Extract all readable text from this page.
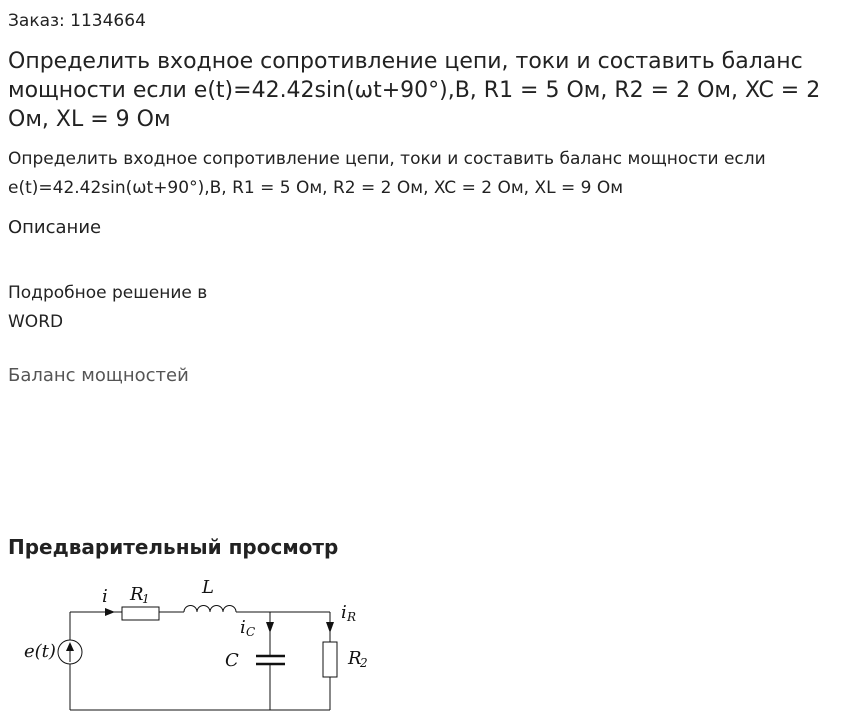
Заказ: 1134664
Определить входное сопротивление цепи, токи и составить баланс мощности если e(t)=42.42sin(ωt+90°),В, R1 = 5 Ом, R2 = 2 Ом, XC = 2 Ом, XL = 9 Ом
Определить входное сопротивление цепи, токи и составить баланс мощности если e(t)=42.42sin(ωt+90°),В, R1 = 5 Ом, R2 = 2 Ом, XC = 2 Ом, XL = 9 Ом
Описание
Подробное решение в WORD
Баланс мощностей
Предварительный просмотр
i R
1
L
i C
C
i R
R
2
e(t)
